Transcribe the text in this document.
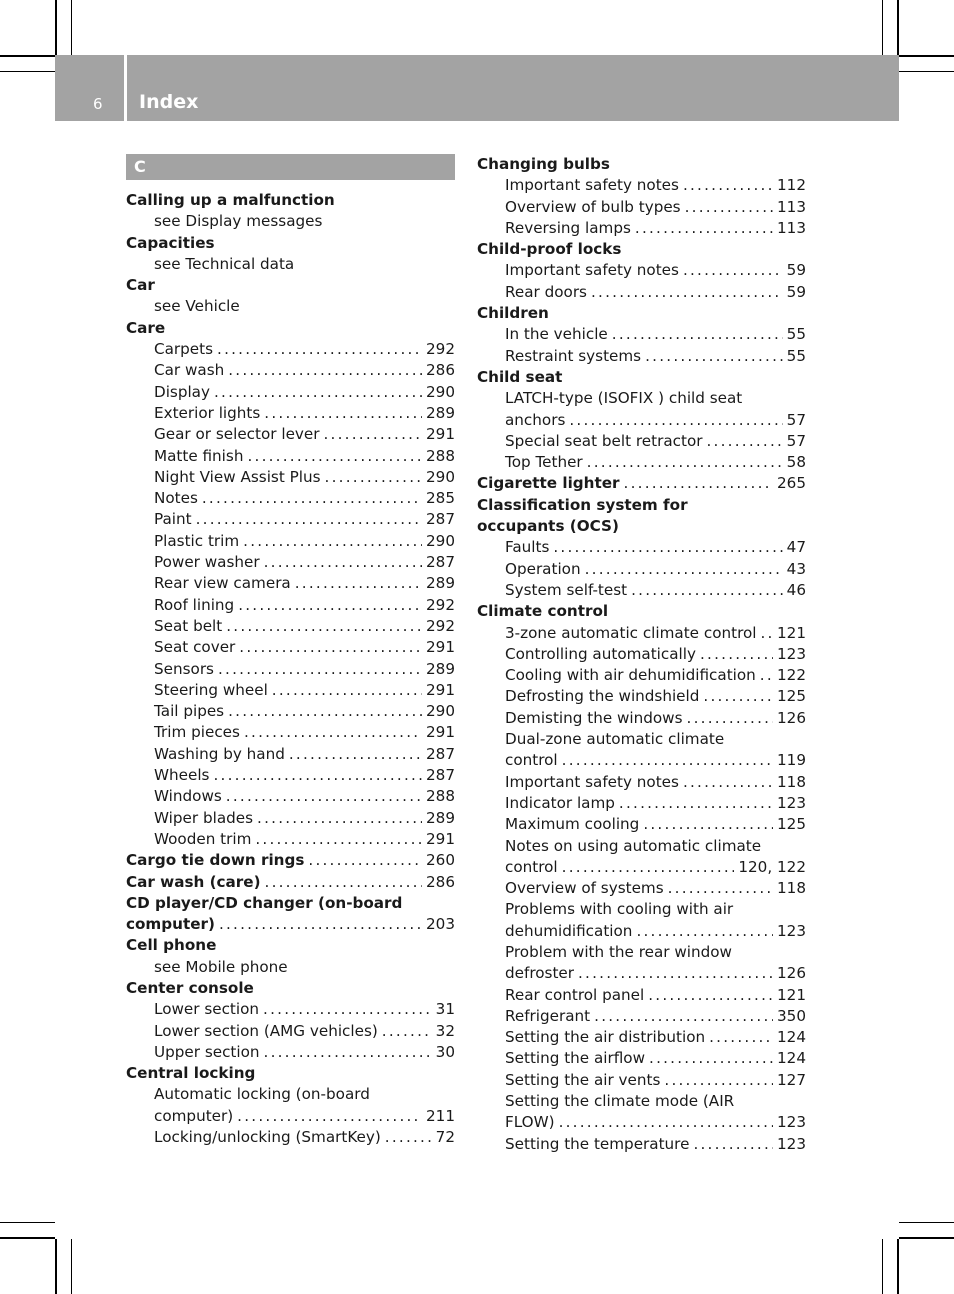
6 Index
C
Calling up a malfunction
see Display messages
Capacities
see Technical data
Car
see Vehicle
Care
Carpets . . .	292
Car wash . . .	286
Display . . .	290
Exterior lights . . .	289
Gear or selector lever . . .	291
Matte finish . . .	288
Night View Assist Plus . . .	290
Notes . . .	285
Paint . . .	287
Plastic trim . . .	290
Power washer . . .	287
Rear view camera . . .	289
Roof lining . . .	292
Seat belt . . .	292
Seat cover . . .	291
Sensors . . .	289
Steering wheel . . .	291
Tail pipes . . .	290
Trim pieces . . .	291
Washing by hand . . .	287
Wheels . . .	287
Windows . . .	288
Wiper blades . . .	289
Wooden trim . . .	291
Cargo tie down rings . . .	260
Car wash (care) . . .	286
CD player/CD changer (on-board
computer) . . .	203
Cell phone
see Mobile phone
Center console
Lower section . . .	31
Lower section (AMG vehicles) . . .	32
Upper section . . .	30
Central locking
Automatic locking (on-board
computer) . . .	211
Locking/unlocking (SmartKey) . . .	72
Changing bulbs
Important safety notes . . .	112
Overview of bulb types . . .	113
Reversing lamps . . .	113
Child-proof locks
Important safety notes . . .	59
Rear doors . . .	59
Children
In the vehicle . . .	55
Restraint systems . . .	55
Child seat
LATCH-type (ISOFIX ) child seat
anchors . . .	57
Special seat belt retractor . . .	57
Top Tether . . .	58
Cigarette lighter . . .	265
Classification system for
occupants (OCS)
Faults . . .	47
Operation . . .	43
System self-test . . .	46
Climate control
3-zone automatic climate control . . . 121
Controlling automatically . . .	123
Cooling with air dehumidification . . . 122
Defrosting the windshield . . .	125
Demisting the windows . . .	126
Dual-zone automatic climate
control . . .	119
Important safety notes . . .	118
Indicator lamp . . .	123
Maximum cooling . . .	125
Notes on using automatic climate
control . . .	120, 122
Overview of systems . . .	118
Problems with cooling with air
dehumidification . . .	123
Problem with the rear window
defroster . . .	126
Rear control panel . . .	121
Refrigerant . . .	350
Setting the air distribution . . .	124
Setting the airflow . . .	124
Setting the air vents . . .	127
Setting the climate mode (AIR
FLOW) . . .	123
Setting the temperature . . .	123
